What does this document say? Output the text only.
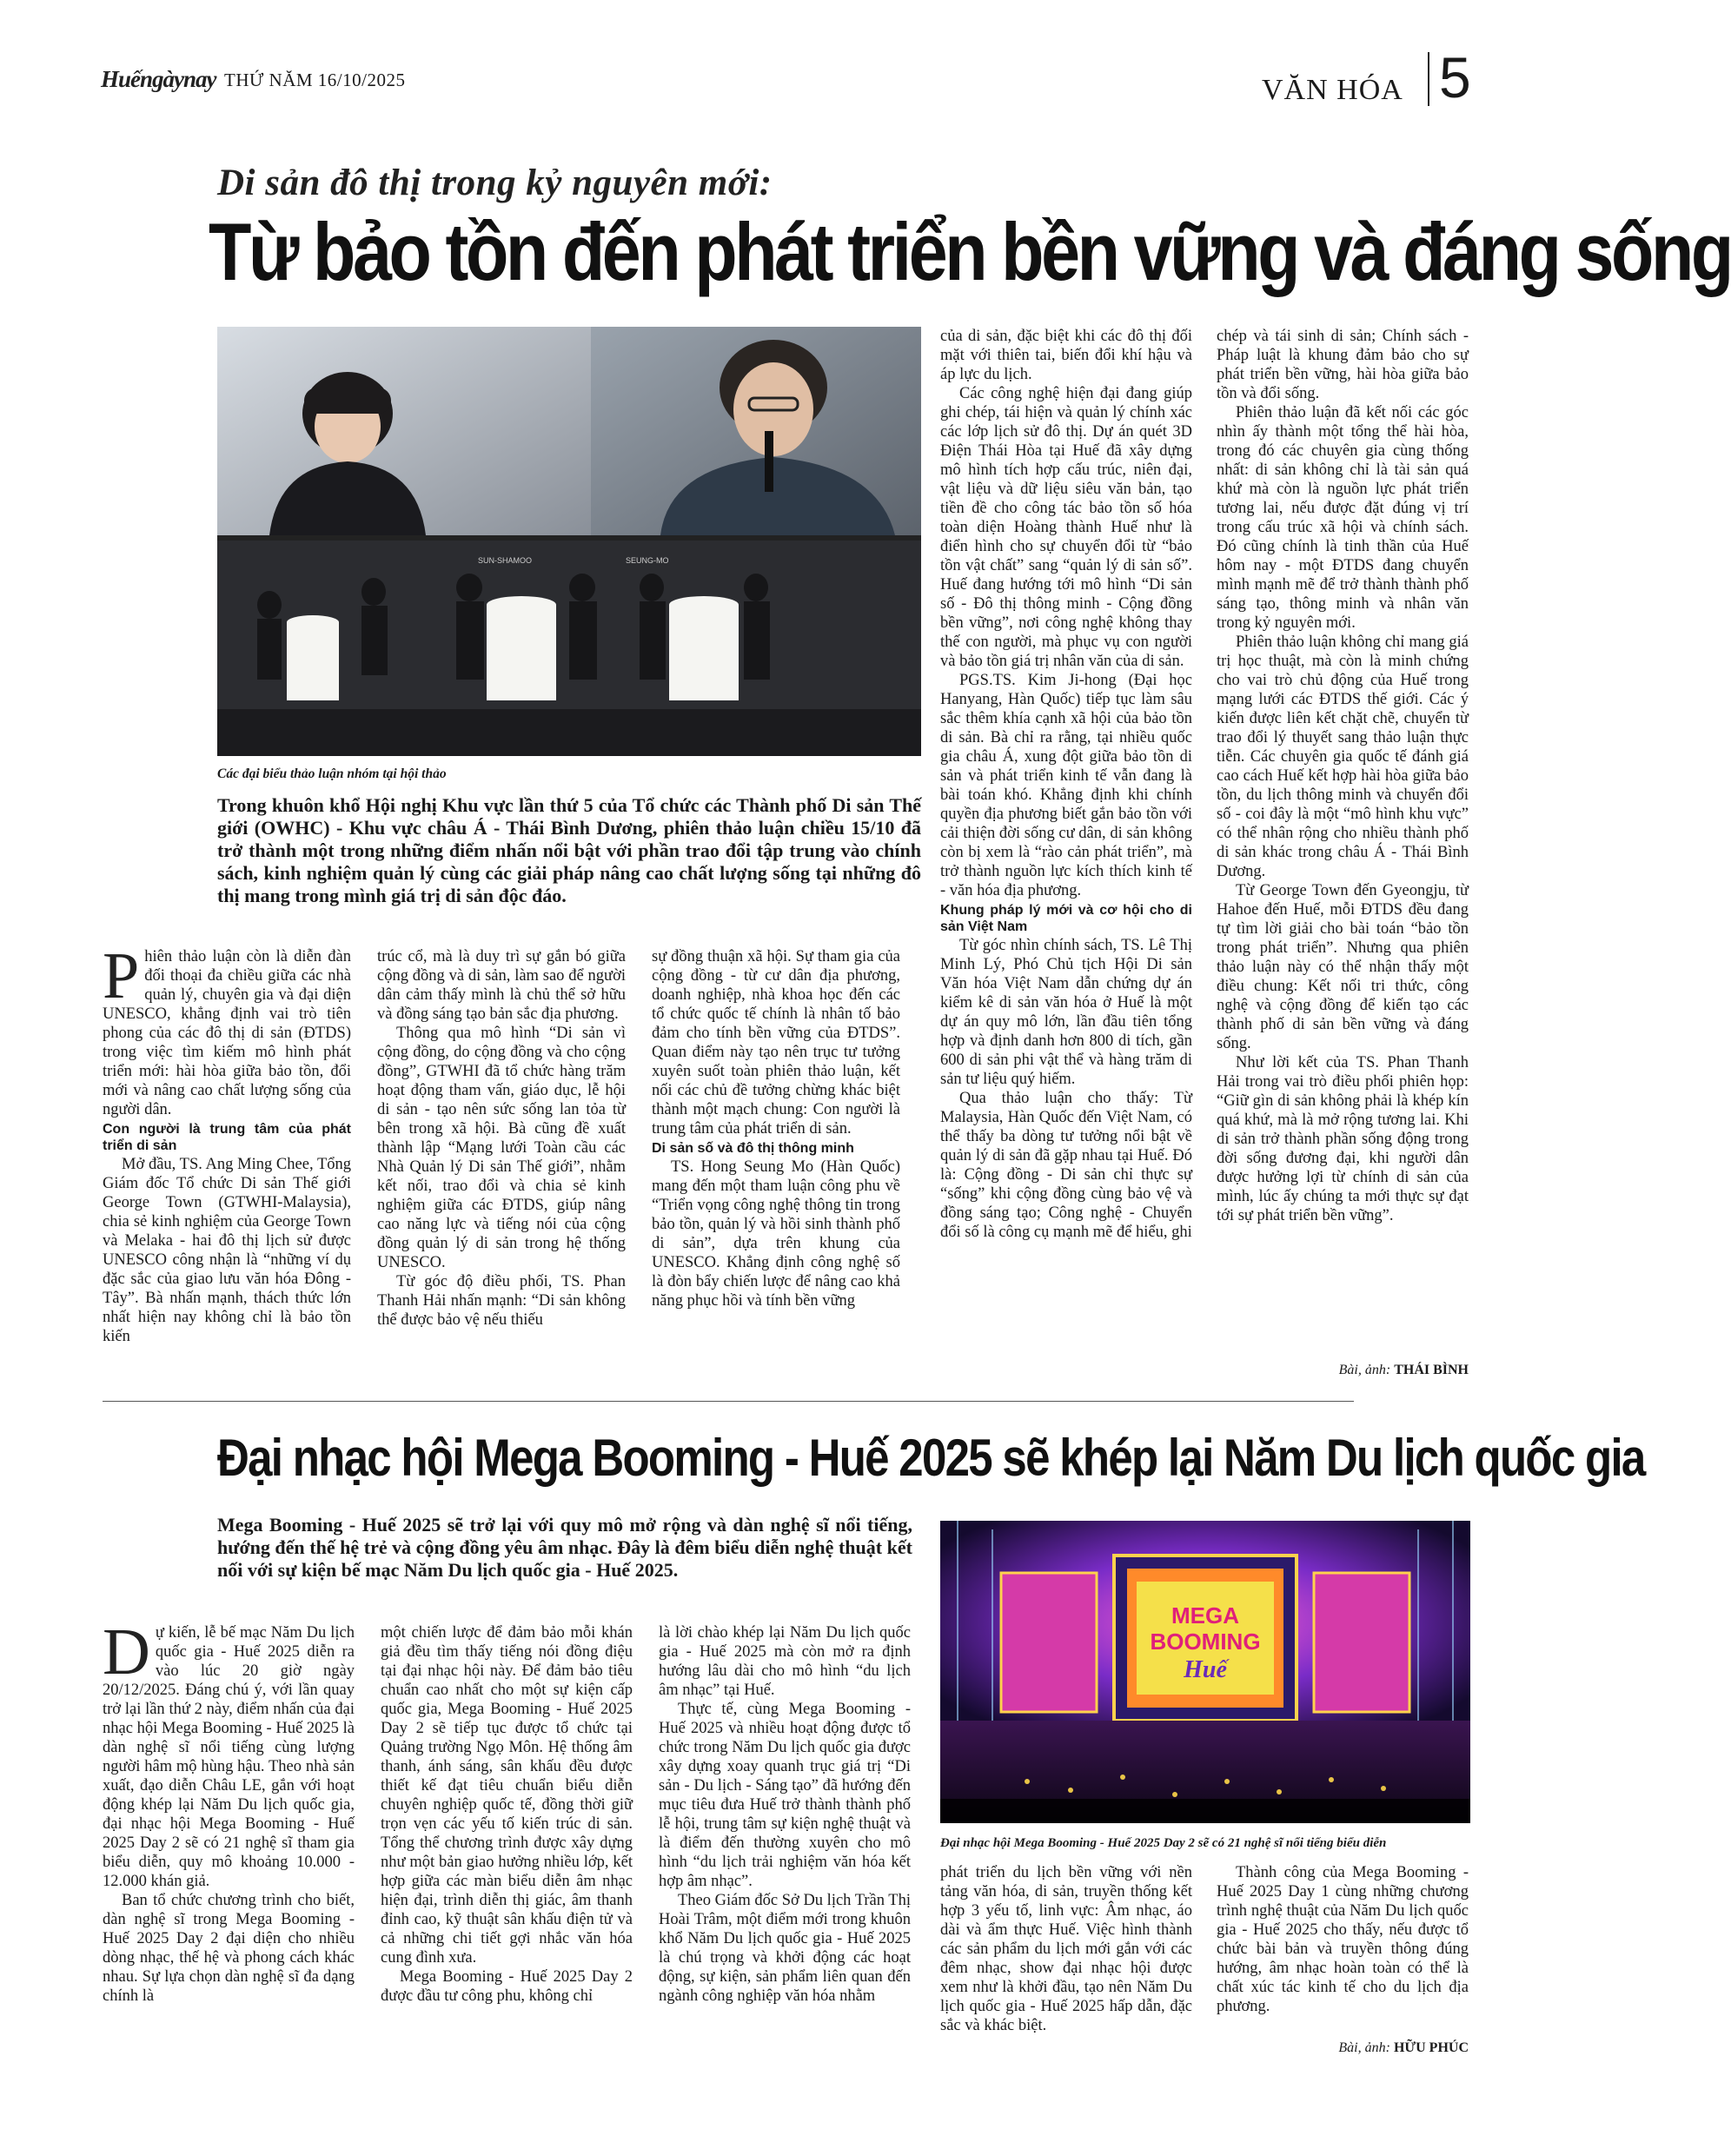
Huếngàynay THỨ NĂM 16/10/2025	VĂN HÓA 5
Di sản đô thị trong kỷ nguyên mới:
Từ bảo tồn đến phát triển bền vững và đáng sống
SUN-SHAMOO	SEUNG-MO
Các đại biểu thảo luận nhóm tại hội thảo
Trong khuôn khổ Hội nghị Khu vực lần thứ 5 của Tổ chức các Thành phố Di sản Thế giới (OWHC) - Khu vực châu Á - Thái Bình Dương, phiên thảo luận chiều 15/10 đã trở thành một trong những điểm nhấn nổi bật với phần trao đổi tập trung vào chính sách, kinh nghiệm quản lý cùng các giải pháp nâng cao chất lượng sống tại những đô thị mang trong mình giá trị di sản độc đáo.

Phiên thảo luận còn là diễn đàn đối thoại đa chiều giữa các nhà quản lý, chuyên gia và đại diện UNESCO, khẳng định vai trò tiên phong của các đô thị di sản (ĐTDS) trong việc tìm kiếm mô hình phát triển mới: hài hòa giữa bảo tồn, đổi mới và nâng cao chất lượng sống của người dân.

Con người là trung tâm của phát triển di sản

Mở đầu, TS. Ang Ming Chee, Tổng Giám đốc Tổ chức Di sản Thế giới George Town (GTWHI-Malaysia), chia sẻ kinh nghiệm của George Town và Melaka - hai đô thị lịch sử được UNESCO công nhận là “những ví dụ đặc sắc của giao lưu văn hóa Đông - Tây”. Bà nhấn mạnh, thách thức lớn nhất hiện nay không chỉ là bảo tồn kiến

trúc cổ, mà là duy trì sự gắn bó giữa cộng đồng và di sản, làm sao để người dân cảm thấy mình là chủ thể sở hữu và đồng sáng tạo bản sắc địa phương.

Thông qua mô hình “Di sản vì cộng đồng, do cộng đồng và cho cộng đồng”, GTWHI đã tổ chức hàng trăm hoạt động tham vấn, giáo dục, lễ hội di sản - tạo nên sức sống lan tỏa từ bên trong xã hội. Bà cũng đề xuất thành lập “Mạng lưới Toàn cầu các Nhà Quản lý Di sản Thế giới”, nhằm kết nối, trao đổi và chia sẻ kinh nghiệm giữa các ĐTDS, giúp nâng cao năng lực và tiếng nói của cộng đồng quản lý di sản trong hệ thống UNESCO.

Từ góc độ điều phối, TS. Phan Thanh Hải nhấn mạnh: “Di sản không thể được bảo vệ nếu thiếu

sự đồng thuận xã hội. Sự tham gia của cộng đồng - từ cư dân địa phương, doanh nghiệp, nhà khoa học đến các tổ chức quốc tế chính là nhân tố bảo đảm cho tính bền vững của ĐTDS”. Quan điểm này tạo nên trục tư tưởng xuyên suốt toàn phiên thảo luận, kết nối các chủ đề tưởng chừng khác biệt thành một mạch chung: Con người là trung tâm của phát triển di sản.

Di sản số và đô thị thông minh

TS. Hong Seung Mo (Hàn Quốc) mang đến một tham luận công phu về “Triển vọng công nghệ thông tin trong bảo tồn, quản lý và hồi sinh thành phố di sản”, dựa trên khung của UNESCO. Khẳng định công nghệ số là đòn bẩy chiến lược để nâng cao khả năng phục hồi và tính bền vững

của di sản, đặc biệt khi các đô thị đối mặt với thiên tai, biến đổi khí hậu và áp lực du lịch.

Các công nghệ hiện đại đang giúp ghi chép, tái hiện và quản lý chính xác các lớp lịch sử đô thị. Dự án quét 3D Điện Thái Hòa tại Huế đã xây dựng mô hình tích hợp cấu trúc, niên đại, vật liệu và dữ liệu siêu văn bản, tạo tiền đề cho công tác bảo tồn số hóa toàn diện Hoàng thành Huế như là điển hình cho sự chuyển đổi từ “bảo tồn vật chất” sang “quản lý di sản số”. Huế đang hướng tới mô hình “Di sản số - Đô thị thông minh - Cộng đồng bền vững”, nơi công nghệ không thay thế con người, mà phục vụ con người và bảo tồn giá trị nhân văn của di sản.

PGS.TS. Kim Ji-hong (Đại học Hanyang, Hàn Quốc) tiếp tục làm sâu sắc thêm khía cạnh xã hội của bảo tồn di sản. Bà chỉ ra rằng, tại nhiều quốc gia châu Á, xung đột giữa bảo tồn di sản và phát triển kinh tế vẫn đang là bài toán khó. Khẳng định khi chính quyền địa phương biết gắn bảo tồn với cải thiện đời sống cư dân, di sản không còn bị xem là “rào cản phát triển”, mà trở thành nguồn lực kích thích kinh tế - văn hóa địa phương.

Khung pháp lý mới và cơ hội cho di sản Việt Nam

Từ góc nhìn chính sách, TS. Lê Thị Minh Lý, Phó Chủ tịch Hội Di sản Văn hóa Việt Nam dẫn chứng dự án kiểm kê di sản văn hóa ở Huế là một dự án quy mô lớn, lần đầu tiên tổng hợp và định danh hơn 800 di tích, gần 600 di sản phi vật thể và hàng trăm di sản tư liệu quý hiếm.

Qua thảo luận cho thấy: Từ Malaysia, Hàn Quốc đến Việt Nam, có thể thấy ba dòng tư tưởng nổi bật về quản lý di sản đã gặp nhau tại Huế. Đó là: Cộng đồng - Di sản chỉ thực sự “sống” khi cộng đồng cùng bảo vệ và đồng sáng tạo; Công nghệ - Chuyển đổi số là công cụ mạnh mẽ để hiểu, ghi

chép và tái sinh di sản; Chính sách - Pháp luật là khung đảm bảo cho sự phát triển bền vững, hài hòa giữa bảo tồn và đổi sống.

Phiên thảo luận đã kết nối các góc nhìn ấy thành một tổng thể hài hòa, trong đó các chuyên gia cùng thống nhất: di sản không chỉ là tài sản quá khứ mà còn là nguồn lực phát triển tương lai, nếu được đặt đúng vị trí trong cấu trúc xã hội và chính sách. Đó cũng chính là tinh thần của Huế hôm nay - một ĐTDS đang chuyển mình mạnh mẽ để trở thành thành phố sáng tạo, thông minh và nhân văn trong kỷ nguyên mới.

Phiên thảo luận không chỉ mang giá trị học thuật, mà còn là minh chứng cho vai trò chủ động của Huế trong mạng lưới các ĐTDS thế giới. Các ý kiến được liên kết chặt chẽ, chuyển từ trao đổi lý thuyết sang thảo luận thực tiễn. Các chuyên gia quốc tế đánh giá cao cách Huế kết hợp hài hòa giữa bảo tồn, du lịch thông minh và chuyển đổi số - coi đây là một “mô hình khu vực” có thể nhân rộng cho nhiều thành phố di sản khác trong châu Á - Thái Bình Dương.

Từ George Town đến Gyeongju, từ Hahoe đến Huế, mỗi ĐTDS đều đang tự tìm lời giải cho bài toán “bảo tồn trong phát triển”. Nhưng qua phiên thảo luận này có thể nhận thấy một điều chung: Kết nối tri thức, công nghệ và cộng đồng để kiến tạo các thành phố di sản bền vững và đáng sống.

Như lời kết của TS. Phan Thanh Hải trong vai trò điều phối phiên họp: “Giữ gìn di sản không phải là khép kín quá khứ, mà là mở rộng tương lai. Khi di sản trở thành phần sống động trong đời sống đương đại, khi người dân được hưởng lợi từ chính di sản của mình, lúc ấy chúng ta mới thực sự đạt tới sự phát triển bền vững”.

Bài, ảnh: THÁI BÌNH
Đại nhạc hội Mega Booming - Huế 2025 sẽ khép lại Năm Du lịch quốc gia
Mega Booming - Huế 2025 sẽ trở lại với quy mô mở rộng và dàn nghệ sĩ nổi tiếng, hướng đến thế hệ trẻ và cộng đồng yêu âm nhạc. Đây là đêm biểu diễn nghệ thuật kết nối với sự kiện bế mạc Năm Du lịch quốc gia - Huế 2025.

Dự kiến, lễ bế mạc Năm Du lịch quốc gia - Huế 2025 diễn ra vào lúc 20 giờ ngày 20/12/2025. Đáng chú ý, với lần quay trở lại lần thứ 2 này, điểm nhấn của đại nhạc hội Mega Booming - Huế 2025 là dàn nghệ sĩ nổi tiếng cùng lượng người hâm mộ hùng hậu. Theo nhà sản xuất, đạo diễn Châu LE, gắn với hoạt động khép lại Năm Du lịch quốc gia, đại nhạc hội Mega Booming - Huế 2025 Day 2 sẽ có 21 nghệ sĩ tham gia biểu diễn, quy mô khoảng 10.000 - 12.000 khán giả.

Ban tổ chức chương trình cho biết, dàn nghệ sĩ trong Mega Booming - Huế 2025 Day 2 đại diện cho nhiều dòng nhạc, thế hệ và phong cách khác nhau. Sự lựa chọn dàn nghệ sĩ đa dạng chính là

một chiến lược để đảm bảo mỗi khán giả đều tìm thấy tiếng nói đồng điệu tại đại nhạc hội này. Để đảm bảo tiêu chuẩn cao nhất cho một sự kiện cấp quốc gia, Mega Booming - Huế 2025 Day 2 sẽ tiếp tục được tổ chức tại Quảng trường Ngọ Môn. Hệ thống âm thanh, ánh sáng, sân khấu đều được thiết kế đạt tiêu chuẩn biểu diễn chuyên nghiệp quốc tế, đồng thời giữ trọn vẹn các yếu tố kiến trúc di sản. Tổng thể chương trình được xây dựng như một bản giao hưởng nhiều lớp, kết hợp giữa các màn biểu diễn âm nhạc hiện đại, trình diễn thị giác, âm thanh đỉnh cao, kỹ thuật sân khấu điện tử và cả những chi tiết gợi nhắc văn hóa cung đình xưa.

Mega Booming - Huế 2025 Day 2 được đầu tư công phu, không chỉ

là lời chào khép lại Năm Du lịch quốc gia - Huế 2025 mà còn mở ra định hướng lâu dài cho mô hình “du lịch âm nhạc” tại Huế.

Thực tế, cùng Mega Booming - Huế 2025 và nhiều hoạt động được tổ chức trong Năm Du lịch quốc gia được xây dựng xoay quanh trục giá trị “Di sản - Du lịch - Sáng tạo” đã hướng đến mục tiêu đưa Huế trở thành thành phố lễ hội, trung tâm sự kiện nghệ thuật và là điểm đến thường xuyên cho mô hình “du lịch trải nghiệm văn hóa kết hợp âm nhạc”.

Theo Giám đốc Sở Du lịch Trần Thị Hoài Trâm, một điểm mới trong khuôn khổ Năm Du lịch quốc gia - Huế 2025 là chú trọng và khởi động các hoạt động, sự kiện, sản phẩm liên quan đến ngành công nghiệp văn hóa nhằm

MEGA
BOOMING
Huế
Đại nhạc hội Mega Booming - Huế 2025 Day 2 sẽ có 21 nghệ sĩ nổi tiếng biểu diễn

phát triển du lịch bền vững với nền tảng văn hóa, di sản, truyền thống kết hợp 3 yếu tố, linh vực: Âm nhạc, áo dài và ẩm thực Huế. Việc hình thành các sản phẩm du lịch mới gắn với các đêm nhạc, show đại nhạc hội được xem như là khởi đầu, tạo nên Năm Du lịch quốc gia - Huế 2025 hấp dẫn, đặc sắc và khác biệt.

Thành công của Mega Booming - Huế 2025 Day 1 cùng những chương trình nghệ thuật của Năm Du lịch quốc gia - Huế 2025 cho thấy, nếu được tổ chức bài bản và truyền thông đúng hướng, âm nhạc hoàn toàn có thể là chất xúc tác kinh tế cho du lịch địa phương.

Bài, ảnh: HỮU PHÚC
